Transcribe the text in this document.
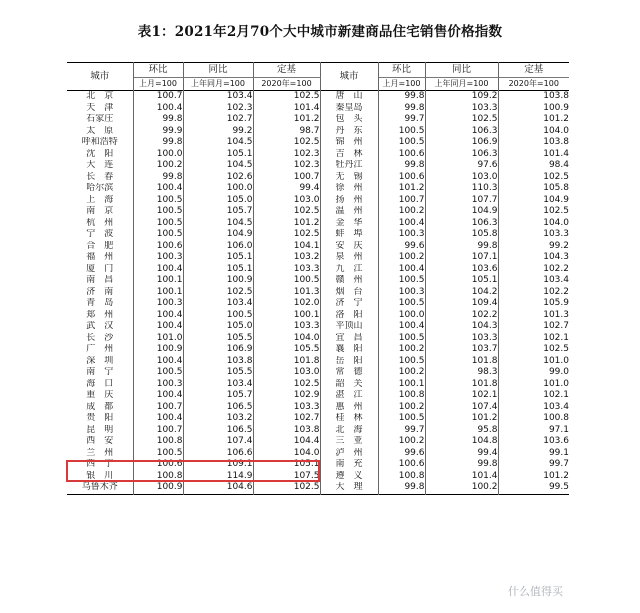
表1：2021年2月70个大中城市新建商品住宅销售价格指数
城市	环比	同比	定基	城市	环比	同比	定基
	上月=100	上年同月=100	2020年=100		上月=100	上年同月=100	2020年=100
北　京	100.7	103.4	102.5	唐　山	99.8	109.2	103.8
天　津	100.4	102.3	101.4	秦皇岛	99.8	103.3	100.9
石家庄	99.8	102.7	101.2	包　头	99.7	102.5	101.2
太　原	99.9	99.2	98.7	丹　东	100.5	106.3	104.0
呼和浩特	99.8	104.5	102.5	锦　州	100.5	106.9	103.8
沈　阳	100.0	105.1	102.3	吉　林	100.6	106.3	101.4
大　连	100.2	104.5	102.3	牡丹江	99.8	97.6	98.4
长　春	99.8	102.6	100.7	无　锡	100.6	103.0	102.5
哈尔滨	100.4	100.0	99.4	徐　州	101.2	110.3	105.8
上　海	100.5	105.0	103.0	扬　州	100.7	107.7	104.9
南　京	100.5	105.7	102.5	温　州	100.2	104.9	102.5
杭　州	100.5	104.5	101.2	金　华	100.4	106.3	104.0
宁　波	100.5	104.9	102.5	蚌　埠	100.3	105.8	103.3
合　肥	100.6	106.0	104.1	安　庆	99.6	99.8	99.2
福　州	100.3	105.1	103.2	泉　州	100.2	107.1	104.3
厦　门	100.4	105.1	103.3	九　江	100.4	103.6	102.2
南　昌	100.1	100.9	100.5	赣　州	100.5	105.1	103.4
济　南	100.1	102.5	101.3	烟　台	100.3	104.2	102.2
青　岛	100.3	103.4	102.0	济　宁	100.5	109.4	105.9
郑　州	100.4	100.5	100.1	洛　阳	100.0	102.2	101.3
武　汉	100.4	105.0	103.3	平顶山	100.4	104.3	102.7
长　沙	101.0	105.5	104.0	宜　昌	100.5	103.3	102.1
广　州	100.9	106.9	105.5	襄　阳	100.2	103.7	102.5
深　圳	100.4	103.8	101.8	岳　阳	100.5	101.8	101.0
南　宁	100.5	105.5	103.0	常　德	100.2	98.3	99.0
海　口	100.3	103.4	102.5	韶　关	100.1	101.8	101.0
重　庆	100.4	105.7	102.9	湛　江	100.8	102.1	102.1
成　都	100.7	106.5	103.3	惠　州	100.2	107.4	103.4
贵　阳	100.4	103.2	102.7	桂　林	100.5	101.2	100.8
昆　明	100.7	106.5	103.8	北　海	99.7	95.8	97.1
西　安	100.8	107.4	104.4	三　亚	100.2	104.8	103.6
兰　州	100.5	106.6	104.0	泸　州	99.6	99.4	99.1
西　宁	100.6	109.1	105.1	南　充	100.6	99.8	99.7
银　川	100.8	114.9	107.5	遵　义	100.8	101.4	101.2
乌鲁木齐	100.9	104.6	102.5	大　理	99.8	100.2	99.5
什么值得买
